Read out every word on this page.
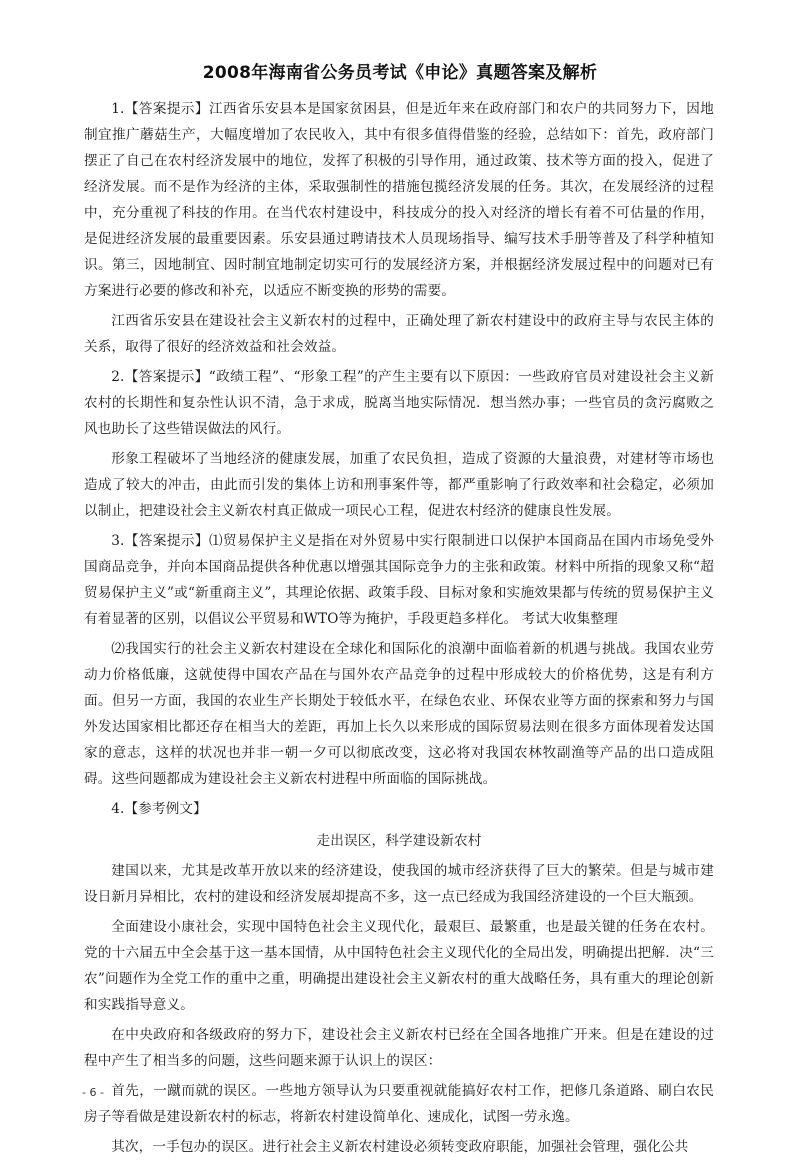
2008年海南省公务员考试《申论》真题答案及解析

1.【答案提示】江西省乐安县本是国家贫困县，但是近年来在政府部门和农户的共同努力下，因地制宜推广蘑菇生产，大幅度增加了农民收入，其中有很多值得借鉴的经验，总结如下：首先，政府部门摆正了自己在农村经济发展中的地位，发挥了积极的引导作用，通过政策、技术等方面的投入，促进了经济发展。而不是作为经济的主体，采取强制性的措施包揽经济发展的任务。其次，在发展经济的过程中，充分重视了科技的作用。在当代农村建设中，科技成分的投入对经济的增长有着不可估量的作用，是促进经济发展的最重要因素。乐安县通过聘请技术人员现场指导、编写技术手册等普及了科学种植知识。第三，因地制宜、因时制宜地制定切实可行的发展经济方案，并根据经济发展过程中的问题对已有方案进行必要的修改和补充，以适应不断变换的形势的需要。

江西省乐安县在建设社会主义新农村的过程中，正确处理了新农村建设中的政府主导与农民主体的关系，取得了很好的经济效益和社会效益。

2.【答案提示】“政绩工程”、“形象工程”的产生主要有以下原因：一些政府官员对建设社会主义新农村的长期性和复杂性认识不清，急于求成，脱离当地实际情况．想当然办事；一些官员的贪污腐败之风也助长了这些错误做法的风行。

形象工程破坏了当地经济的健康发展，加重了农民负担，造成了资源的大量浪费，对建材等市场也造成了较大的冲击，由此而引发的集体上访和刑事案件等，都严重影响了行政效率和社会稳定，必须加以制止，把建设社会主义新农村真正做成一项民心工程，促进农村经济的健康良性发展。

3.【答案提示】⑴贸易保护主义是指在对外贸易中实行限制进口以保护本国商品在国内市场免受外国商品竞争，并向本国商品提供各种优惠以增强其国际竞争力的主张和政策。材料中所指的现象又称“超贸易保护主义”或“新重商主义”，其理论依据、政策手段、目标对象和实施效果都与传统的贸易保护主义有着显著的区别，以倡议公平贸易和WTO等为掩护，手段更趋多样化。 考试大收集整理

⑵我国实行的社会主义新农村建设在全球化和国际化的浪潮中面临着新的机遇与挑战。我国农业劳动力价格低廉，这就使得中国农产品在与国外农产品竞争的过程中形成较大的价格优势，这是有利方面。但另一方面，我国的农业生产长期处于较低水平，在绿色农业、环保农业等方面的探索和努力与国外发达国家相比都还存在相当大的差距，再加上长久以来形成的国际贸易法则在很多方面体现着发达国家的意志，这样的状况也并非一朝一夕可以彻底改变，这必将对我国农林牧副渔等产品的出口造成阻碍。这些问题都成为建设社会主义新农村进程中所面临的国际挑战。

4.【参考例文】

走出误区，科学建设新农村

建国以来，尤其是改革开放以来的经济建设，使我国的城市经济获得了巨大的繁荣。但是与城市建设日新月异相比，农村的建设和经济发展却提高不多，这一点已经成为我国经济建设的一个巨大瓶颈。

全面建设小康社会，实现中国特色社会主义现代化，最艰巨、最繁重，也是最关键的任务在农村。党的十六届五中全会基于这一基本国情，从中国特色社会主义现代化的全局出发，明确提出把解．决“三农”问题作为全党工作的重中之重，明确提出建设社会主义新农村的重大战略任务，具有重大的理论创新和实践指导意义。

在中央政府和各级政府的努力下，建设社会主义新农村已经在全国各地推广开来。但是在建设的过程中产生了相当多的问题，这些问题来源于认识上的误区：

首先，一蹴而就的误区。一些地方领导认为只要重视就能搞好农村工作，把修几条道路、刷白农民房子等看做是建设新农村的标志，将新农村建设简单化、速成化，试图一劳永逸。

其次，一手包办的误区。进行社会主义新农村建设必须转变政府职能，加强社会管理，强化公共

- 6 -
